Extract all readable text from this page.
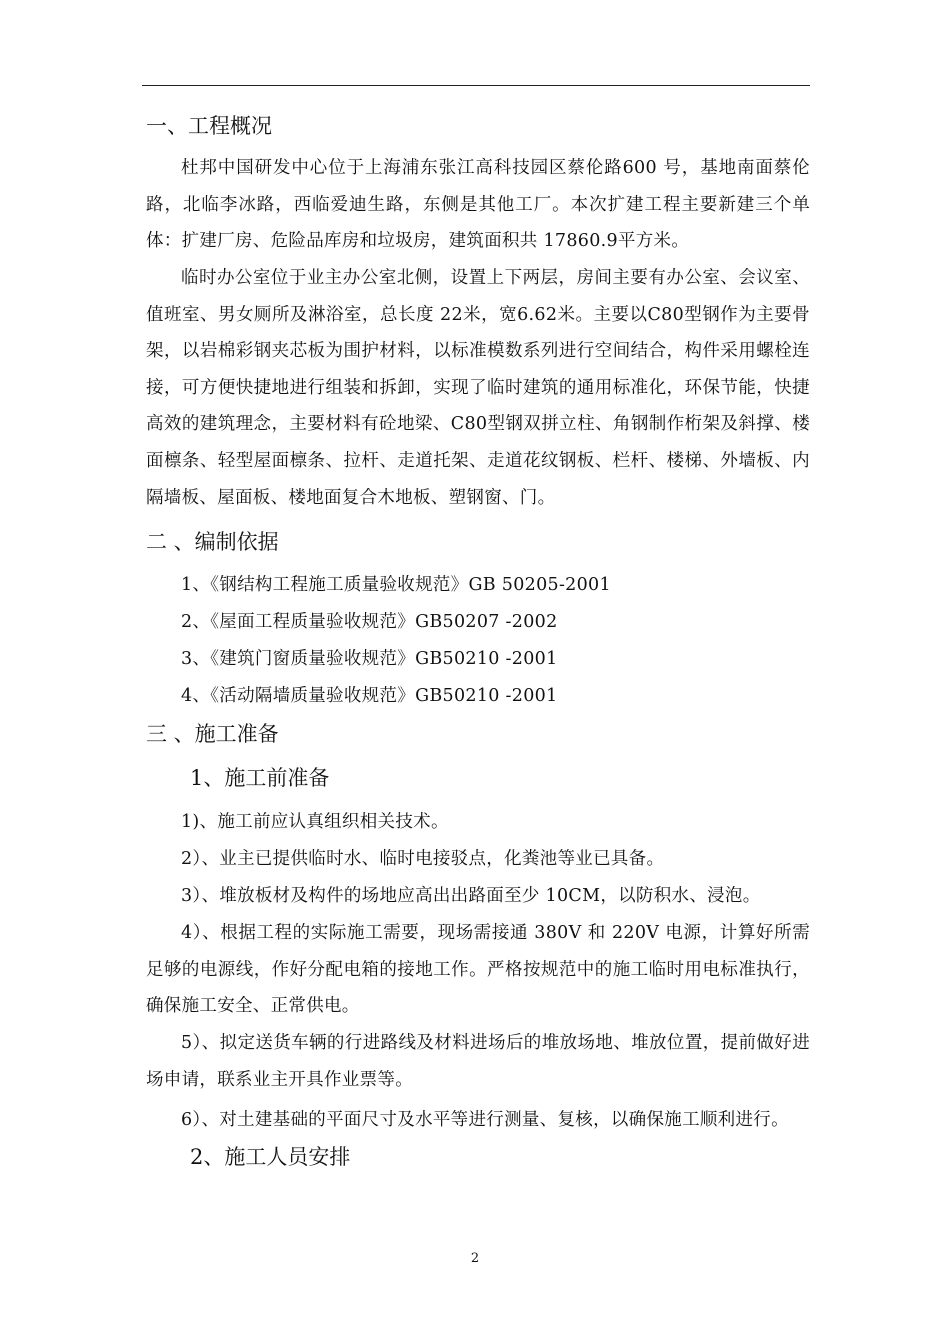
一、工程概况
杜邦中国研发中心位于上海浦东张江高科技园区蔡伦路600 号，基地南面蔡伦路，北临李冰路，西临爱迪生路，东侧是其他工厂。本次扩建工程主要新建三个单体：扩建厂房、危险品库房和垃圾房，建筑面积共 17860.9平方米。
临时办公室位于业主办公室北侧，设置上下两层，房间主要有办公室、会议室、值班室、男女厕所及淋浴室，总长度 22米，宽6.62米。主要以C80型钢作为主要骨架，以岩棉彩钢夹芯板为围护材料，以标准模数系列进行空间结合，构件采用螺栓连接，可方便快捷地进行组装和拆卸，实现了临时建筑的通用标准化，环保节能，快捷高效的建筑理念，主要材料有砼地梁、C80型钢双拼立柱、角钢制作桁架及斜撑、楼面檩条、轻型屋面檩条、拉杆、走道托架、走道花纹钢板、栏杆、楼梯、外墙板、内隔墙板、屋面板、楼地面复合木地板、塑钢窗、门。
二 、编制依据
1、《钢结构工程施工质量验收规范》GB 50205-2001
2、《屋面工程质量验收规范》GB50207 -2002
3、《建筑门窗质量验收规范》GB50210 -2001
4、《活动隔墙质量验收规范》GB50210 -2001
三 、施工准备
1、施工前准备
1)、施工前应认真组织相关技术。
2）、业主已提供临时水、临时电接驳点，化粪池等业已具备。
3）、堆放板材及构件的场地应高出出路面至少 10CM，以防积水、浸泡。
4）、根据工程的实际施工需要，现场需接通 380V 和 220V 电源，计算好所需足够的电源线，作好分配电箱的接地工作。严格按规范中的施工临时用电标准执行，确保施工安全、正常供电。
5）、拟定送货车辆的行进路线及材料进场后的堆放场地、堆放位置，提前做好进场申请，联系业主开具作业票等。
6）、对土建基础的平面尺寸及水平等进行测量、复核，以确保施工顺利进行。
2、施工人员安排
2
